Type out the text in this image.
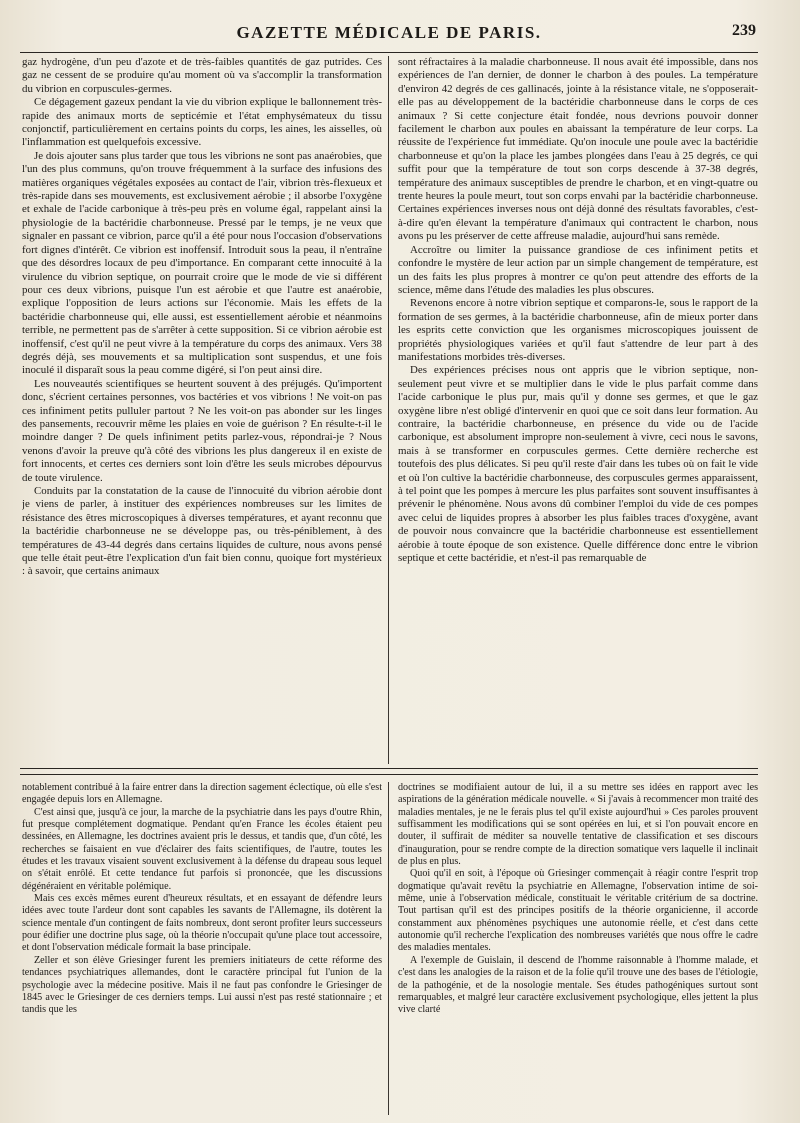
GAZETTE MÉDICALE DE PARIS.	239

gaz hydrogène, d'un peu d'azote et de très-faibles quantités de gaz putrides. Ces gaz ne cessent de se produire qu'au moment où va s'accomplir la transformation du vibrion en corpuscules-germes.

Ce dégagement gazeux pendant la vie du vibrion explique le ballonnement très-rapide des animaux morts de septicémie et l'état emphysémateux du tissu conjonctif, particulièrement en certains points du corps, les aines, les aisselles, où l'inflammation est quelquefois excessive.

Je dois ajouter sans plus tarder que tous les vibrions ne sont pas anaérobies, que l'un des plus communs, qu'on trouve fréquemment à la surface des infusions des matières organiques végétales exposées au contact de l'air, vibrion très-flexueux et très-rapide dans ses mouvements, est exclusivement aérobie ; il absorbe l'oxygène et exhale de l'acide carbonique à très-peu près en volume égal, rappelant ainsi la physiologie de la bactéridie charbonneuse. Pressé par le temps, je ne veux que signaler en passant ce vibrion, parce qu'il a été pour nous l'occasion d'observations fort dignes d'intérêt. Ce vibrion est inoffensif. Introduit sous la peau, il n'entraîne que des désordres locaux de peu d'importance. En comparant cette innocuité à la virulence du vibrion septique, on pourrait croire que le mode de vie si différent pour ces deux vibrions, puisque l'un est aérobie et que l'autre est anaérobie, explique l'opposition de leurs actions sur l'économie. Mais les effets de la bactéridie charbonneuse qui, elle aussi, est essentiellement aérobie et néanmoins terrible, ne permettent pas de s'arrêter à cette supposition. Si ce vibrion aérobie est inoffensif, c'est qu'il ne peut vivre à la température du corps des animaux. Vers 38 degrés déjà, ses mouvements et sa multiplication sont suspendus, et une fois inoculé il disparaît sous la peau comme digéré, si l'on peut ainsi dire.

Les nouveautés scientifiques se heurtent souvent à des préjugés. Qu'importent donc, s'écrient certaines personnes, vos bactéries et vos vibrions ! Ne voit-on pas ces infiniment petits pulluler partout ? Ne les voit-on pas abonder sur les linges des pansements, recouvrir même les plaies en voie de guérison ? En résulte-t-il le moindre danger ? De quels infiniment petits parlez-vous, répondrai-je ? Nous venons d'avoir la preuve qu'à côté des vibrions les plus dangereux il en existe de fort innocents, et certes ces derniers sont loin d'être les seuls microbes dépourvus de toute virulence.

Conduits par la constatation de la cause de l'innocuité du vibrion aérobie dont je viens de parler, à instituer des expériences nombreuses sur les limites de résistance des êtres microscopiques à diverses températures, et ayant reconnu que la bactéridie charbonneuse ne se développe pas, ou très-péniblement, à des températures de 43-44 degrés dans certains liquides de culture, nous avons pensé que telle était peut-être l'explication d'un fait bien connu, quoique fort mystérieux : à savoir, que certains animaux

sont réfractaires à la maladie charbonneuse. Il nous avait été impossible, dans nos expériences de l'an dernier, de donner le charbon à des poules. La température d'environ 42 degrés de ces gallinacés, jointe à la résistance vitale, ne s'opposerait-elle pas au développement de la bactéridie charbonneuse dans le corps de ces animaux ? Si cette conjecture était fondée, nous devrions pouvoir donner facilement le charbon aux poules en abaissant la température de leur corps. La réussite de l'expérience fut immédiate. Qu'on inocule une poule avec la bactéridie charbonneuse et qu'on la place les jambes plongées dans l'eau à 25 degrés, ce qui suffit pour que la température de tout son corps descende à 37-38 degrés, température des animaux susceptibles de prendre le charbon, et en vingt-quatre ou trente heures la poule meurt, tout son corps envahi par la bactéridie charbonneuse. Certaines expériences inverses nous ont déjà donné des résultats favorables, c'est-à-dire qu'en élevant la température d'animaux qui contractent le charbon, nous avons pu les préserver de cette affreuse maladie, aujourd'hui sans remède.

Accroître ou limiter la puissance grandiose de ces infiniment petits et confondre le mystère de leur action par un simple changement de température, est un des faits les plus propres à montrer ce qu'on peut attendre des efforts de la science, même dans l'étude des maladies les plus obscures.

Revenons encore à notre vibrion septique et comparons-le, sous le rapport de la formation de ses germes, à la bactéridie charbonneuse, afin de mieux porter dans les esprits cette conviction que les organismes microscopiques jouissent de propriétés physiologiques variées et qu'il faut s'attendre de leur part à des manifestations morbides très-diverses.

Des expériences précises nous ont appris que le vibrion septique, non-seulement peut vivre et se multiplier dans le vide le plus parfait comme dans l'acide carbonique le plus pur, mais qu'il y donne ses germes, et que le gaz oxygène libre n'est obligé d'intervenir en quoi que ce soit dans leur formation. Au contraire, la bactéridie charbonneuse, en présence du vide ou de l'acide carbonique, est absolument impropre non-seulement à vivre, ceci nous le savons, mais à se transformer en corpuscules germes. Cette dernière recherche est toutefois des plus délicates. Si peu qu'il reste d'air dans les tubes où on fait le vide et où l'on cultive la bactéridie charbonneuse, des corpuscules germes apparaissent, à tel point que les pompes à mercure les plus parfaites sont souvent insuffisantes à prévenir le phénomène. Nous avons dû combiner l'emploi du vide de ces pompes avec celui de liquides propres à absorber les plus faibles traces d'oxygène, avant de pouvoir nous convaincre que la bactéridie charbonneuse est essentiellement aérobie à toute époque de son existence. Quelle différence donc entre le vibrion septique et cette bactéridie, et n'est-il pas remarquable de

notablement contribué à la faire entrer dans la direction sagement éclectique, où elle s'est engagée depuis lors en Allemagne.

C'est ainsi que, jusqu'à ce jour, la marche de la psychiatrie dans les pays d'outre Rhin, fut presque complétement dogmatique. Pendant qu'en France les écoles étaient peu dessinées, en Allemagne, les doctrines avaient pris le dessus, et tandis que, d'un côté, les recherches se faisaient en vue d'éclairer des faits scientifiques, de l'autre, toutes les études et les travaux visaient souvent exclusivement à la défense du drapeau sous lequel on s'était enrôlé. Et cette tendance fut parfois si prononcée, que les discussions dégénéraient en véritable polémique.

Mais ces excès mêmes eurent d'heureux résultats, et en essayant de défendre leurs idées avec toute l'ardeur dont sont capables les savants de l'Allemagne, ils dotèrent la science mentale d'un contingent de faits nombreux, dont seront profiter leurs successeurs pour édifier une doctrine plus sage, où la théorie n'occupait qu'une place tout accessoire, et dont l'observation médicale formait la base principale.

Zeller et son élève Griesinger furent les premiers initiateurs de cette réforme des tendances psychiatriques allemandes, dont le caractère principal fut l'union de la psychologie avec la médecine positive. Mais il ne faut pas confondre le Griesinger de 1845 avec le Griesinger de ces derniers temps. Lui aussi n'est pas resté stationnaire ; et tandis que les

doctrines se modifiaient autour de lui, il a su mettre ses idées en rapport avec les aspirations de la génération médicale nouvelle. « Si j'avais à recommencer mon traité des maladies mentales, je ne le ferais plus tel qu'il existe aujourd'hui » Ces paroles prouvent suffisamment les modifications qui se sont opérées en lui, et si l'on pouvait encore en douter, il suffirait de méditer sa nouvelle tentative de classification et ses discours d'inauguration, pour se rendre compte de la direction somatique vers laquelle il inclinait de plus en plus.

Quoi qu'il en soit, à l'époque où Griesinger commençait à réagir contre l'esprit trop dogmatique qu'avait revêtu la psychiatrie en Allemagne, l'observation intime de soi-même, unie à l'observation médicale, constituait le véritable critérium de sa doctrine. Tout partisan qu'il est des principes positifs de la théorie organicienne, il accorde constamment aux phénomènes psychiques une autonomie réelle, et c'est dans cette autonomie qu'il recherche l'explication des nombreuses variétés que nous offre le cadre des maladies mentales.

A l'exemple de Guislain, il descend de l'homme raisonnable à l'homme malade, et c'est dans les analogies de la raison et de la folie qu'il trouve une des bases de l'étiologie, de la pathogénie, et de la nosologie mentale. Ses études pathogéniques surtout sont remarquables, et malgré leur caractère exclusivement psychologique, elles jettent la plus vive clarté
